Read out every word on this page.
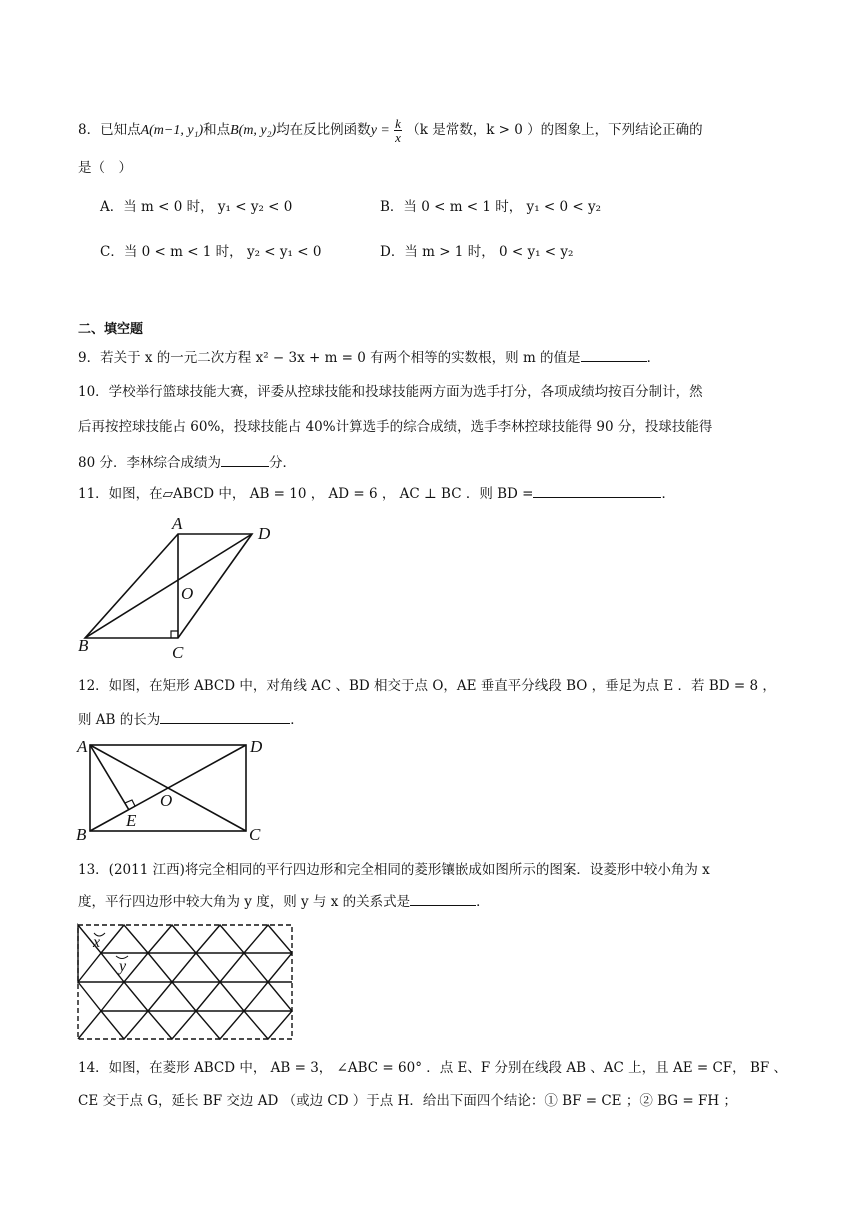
8．已知点A(m−1, y₁)和点B(m, y₂)均在反比例函数$y = \frac{k}{x} (k$ 是常数，k > 0 ）的图象上，下列结论正确的
是（　）
A．当 m < 0 时， y₁ < y₂ < 0	B．当 0 < m < 1 时， y₁ < 0 < y₂
C．当 0 < m < 1 时， y₂ < y₁ < 0	D．当 m > 1 时， 0 < y₁ < y₂
二、填空题
9．若关于 x 的一元二次方程 x² − 3x + m = 0 有两个相等的实数根，则 m 的值是	．
10．学校举行篮球技能大赛，评委从控球技能和投球技能两方面为选手打分，各项成绩均按百分制计，然
后再按控球技能占 60%，投球技能占 40%计算选手的综合成绩，选手李林控球技能得 90 分，投球技能得
80 分．李林综合成绩为	分．
11．如图，在▱ABCD 中， AB = 10 ， AD = 6 ， AC ⊥ BC ．则 BD =	．
A
D
O
B	C
12．如图，在矩形 ABCD 中，对角线 AC 、BD 相交于点 O，AE 垂直平分线段 BO ，垂足为点 E ．若 BD = 8 ，
则 AB 的长为	．
A	D
O
E
B	C
13．(2011 江西)将完全相同的平行四边形和完全相同的菱形镶嵌成如图所示的图案．设菱形中较小角为 x
度，平行四边形中较大角为 y 度，则 y 与 x 的关系式是	．
x
y
14．如图，在菱形 ABCD 中， AB = 3， ∠ABC = 60° ．点 E、F 分别在线段 AB 、AC 上，且 AE = CF， BF 、
CE 交于点 G，延长 BF 交边 AD （或边 CD ）于点 H．给出下面四个结论：① BF = CE ；② BG = FH ；
